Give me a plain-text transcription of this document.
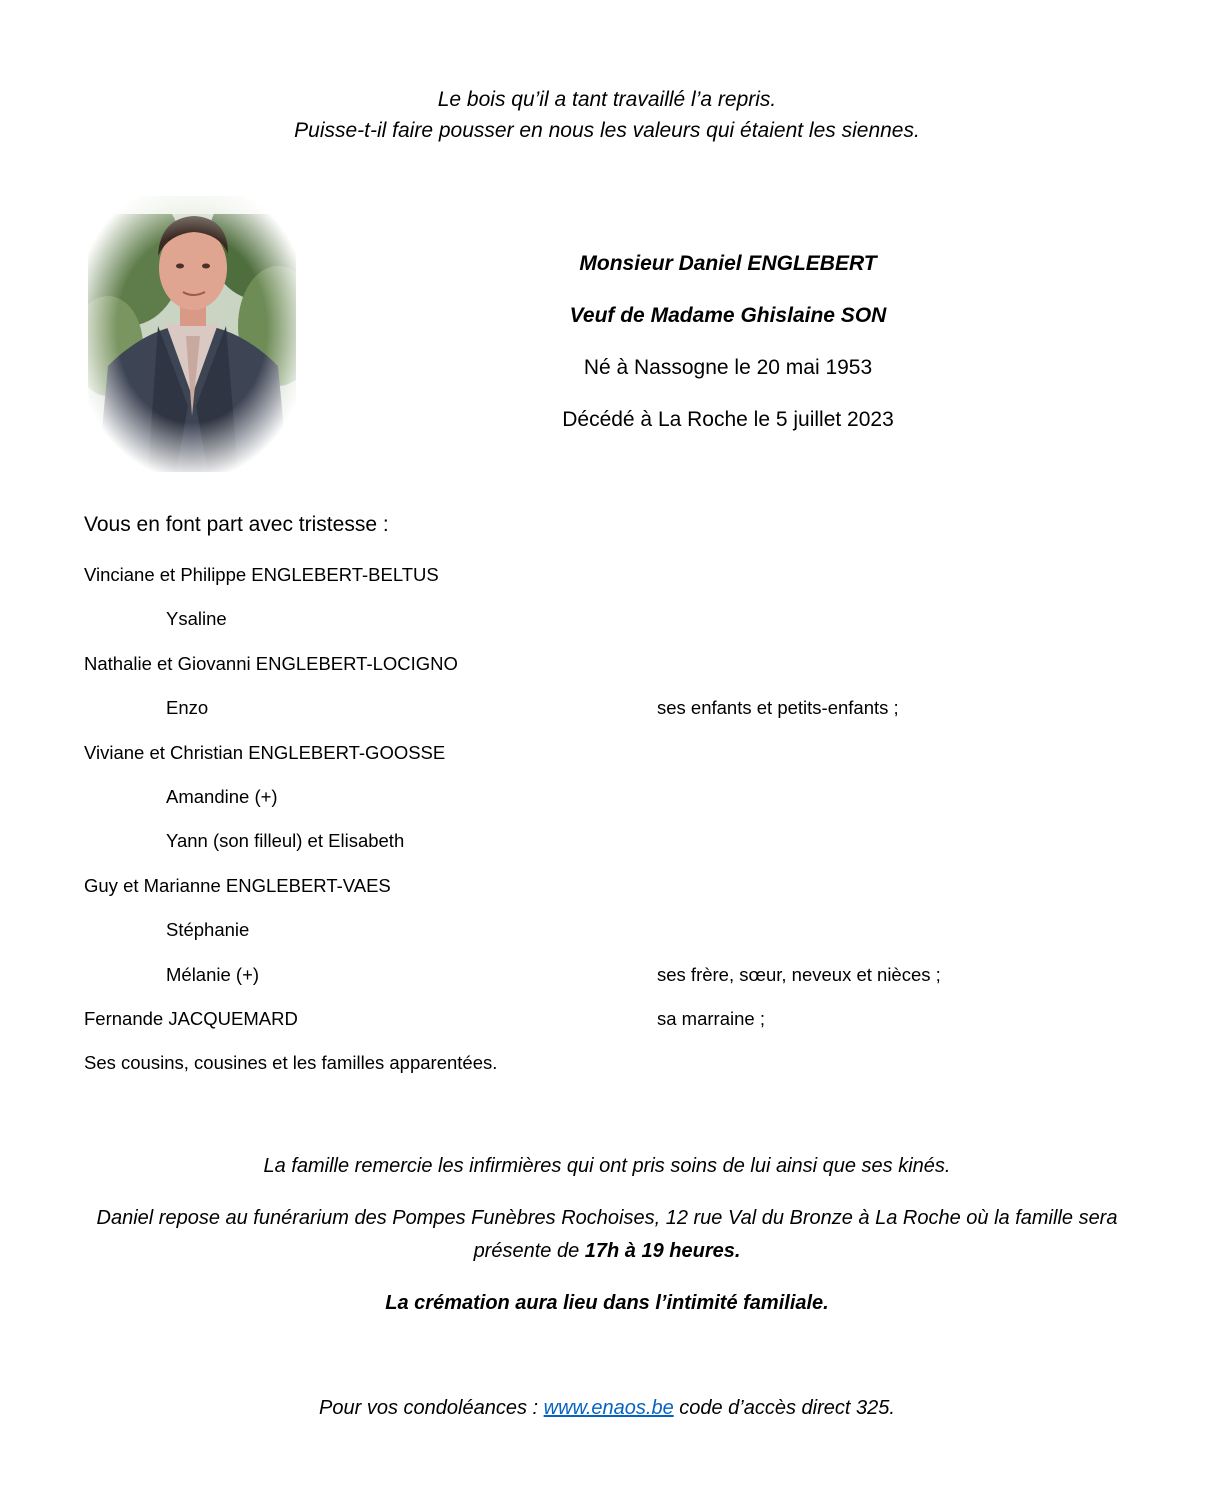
Le bois qu’il a tant travaillé l’a repris.
Puisse-t-il faire pousser en nous les valeurs qui étaient les siennes.
Monsieur Daniel ENGLEBERT
Veuf de Madame Ghislaine SON
Né à Nassogne le 20 mai 1953
Décédé à La Roche le 5 juillet 2023
Vous en font part avec tristesse :
Vinciane et Philippe ENGLEBERT-BELTUS
Ysaline
Nathalie et Giovanni ENGLEBERT-LOCIGNO
Enzo	ses enfants et petits-enfants ;
Viviane et Christian ENGLEBERT-GOOSSE
Amandine (+)
Yann (son filleul) et Elisabeth
Guy et Marianne ENGLEBERT-VAES
Stéphanie
Mélanie (+)	ses frère, sœur, neveux et nièces ;
Fernande JACQUEMARD	sa marraine ;
Ses cousins, cousines et les familles apparentées.

La famille remercie les infirmières qui ont pris soins de lui ainsi que ses kinés.

Daniel repose au funérarium des Pompes Funèbres Rochoises, 12 rue Val du Bronze à La Roche où la famille sera présente de 17h à 19 heures.

La crémation aura lieu dans l’intimité familiale.

Pour vos condoléances : www.enaos.be code d’accès direct 325.
